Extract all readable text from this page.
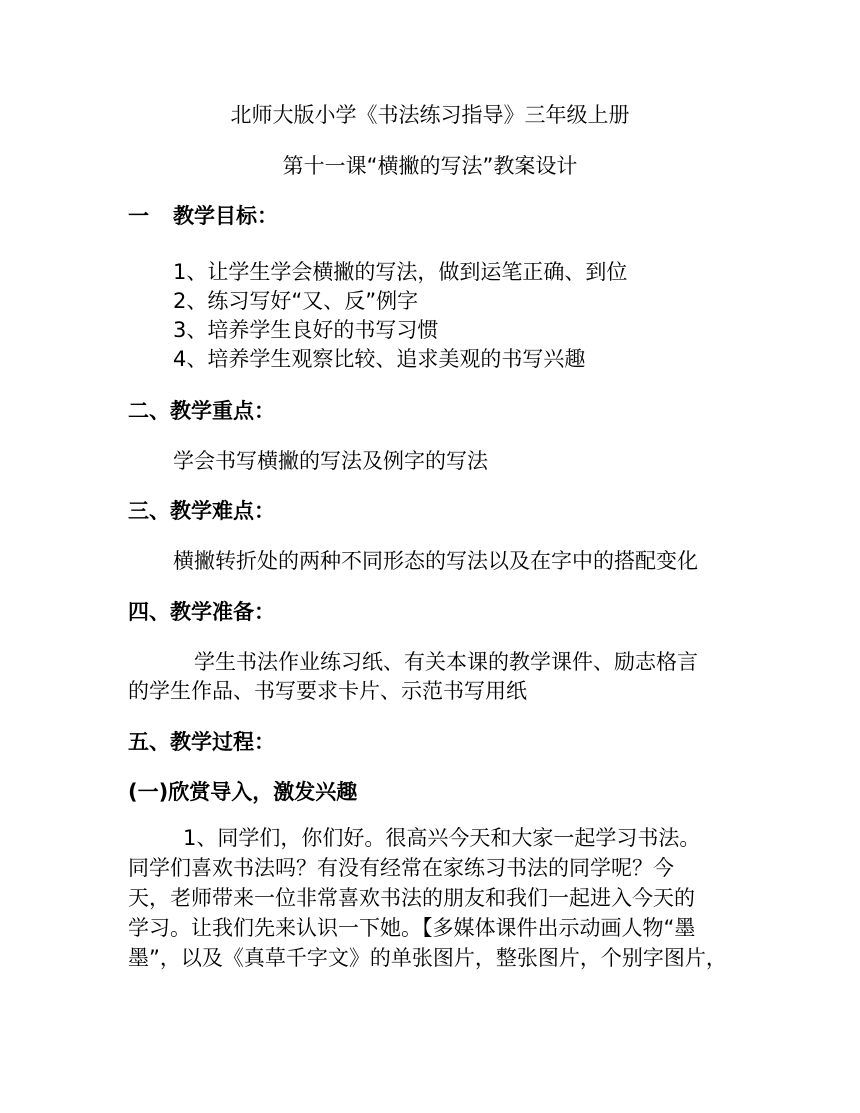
北师大版小学《书法练习指导》三年级上册

第十一课“横撇的写法”教案设计

一 教学目标：

1、让学生学会横撇的写法，做到运笔正确、到位

2、练习写好“又、反”例字

3、培养学生良好的书写习惯

4、培养学生观察比较、追求美观的书写兴趣

二、教学重点：

学会书写横撇的写法及例字的写法

三、教学难点：

横撇转折处的两种不同形态的写法以及在字中的搭配变化

四、教学准备：

学生书法作业练习纸、有关本课的教学课件、励志格言

的学生作品、书写要求卡片、示范书写用纸

五、教学过程：

(一)欣赏导入，激发兴趣

1、同学们，你们好。很高兴今天和大家一起学习书法。

同学们喜欢书法吗？有没有经常在家练习书法的同学呢？今

天，老师带来一位非常喜欢书法的朋友和我们一起进入今天的

学习。让我们先来认识一下她。【多媒体课件出示动画人物“墨

墨”，以及《真草千字文》的单张图片，整张图片，个别字图片，
